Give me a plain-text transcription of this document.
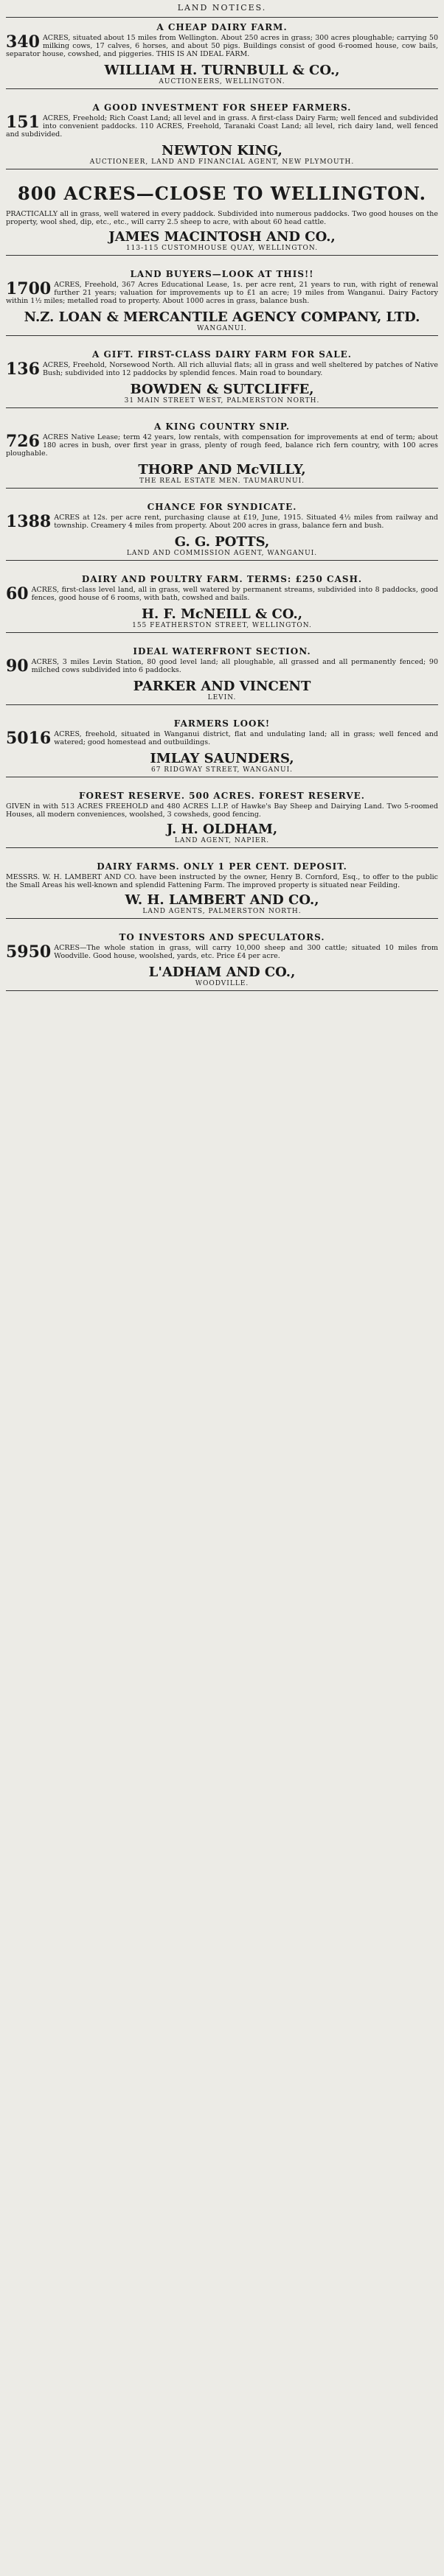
LAND NOTICES.
A CHEAP DAIRY FARM.
340 ACRES, situated about 15 miles from Wellington. About 250 acres in grass; 300 acres ploughable; carrying 50 milking cows, 17 calves, 6 horses, and about 50 pigs. Buildings consist of good 6-roomed house, cow bails, separator house, cowshed, and piggeries. THIS IS AN IDEAL FARM.
WILLIAM H. TURNBULL & CO.,
AUCTIONEERS, WELLINGTON.
A GOOD INVESTMENT FOR SHEEP FARMERS.
151 ACRES, Freehold; Rich Coast Land; all level and in grass. A first-class Dairy Farm; well fenced and subdivided into convenient paddocks. 110 ACRES, Freehold, Taranaki Coast Land; all level, rich dairy land, well fenced and subdivided.
NEWTON KING,
AUCTIONEER, LAND AND FINANCIAL AGENT, NEW PLYMOUTH.
800 ACRES—CLOSE TO WELLINGTON.
PRACTICALLY all in grass, well watered in every paddock. Subdivided into numerous paddocks. Two good houses on the property, wool shed, dip, etc., etc., will carry 2.5 sheep to acre, with about 60 head cattle.
JAMES MACINTOSH AND CO.,
113-115 CUSTOMHOUSE QUAY, WELLINGTON.
LAND BUYERS—LOOK AT THIS!!
1700 ACRES, Freehold, 367 Acres Educational Lease, 1s. per acre rent, 21 years to run, with right of renewal further 21 years; valuation for improvements up to £1 an acre; 19 miles from Wanganui. Dairy Factory within 1½ miles; metalled road to property. About 1000 acres in grass, balance bush.
N.Z. LOAN & MERCANTILE AGENCY COMPANY, LTD.
WANGANUI.
A GIFT. FIRST-CLASS DAIRY FARM FOR SALE.
136 ACRES, Freehold, Norsewood North. All rich alluvial flats; all in grass and well sheltered by patches of Native Bush; subdivided into 12 paddocks by splendid fences. Main road to boundary.
BOWDEN & SUTCLIFFE,
31 MAIN STREET WEST, PALMERSTON NORTH.
A KING COUNTRY SNIP.
726 ACRES Native Lease; term 42 years, low rentals, with compensation for improvements at end of term; about 180 acres in bush, over first year in grass, plenty of rough feed, balance rich fern country, with 100 acres ploughable.
THORP AND McVILLY,
THE REAL ESTATE MEN. TAUMARUNUI.
CHANCE FOR SYNDICATE.
1388 ACRES at 12s. per acre rent, purchasing clause at £19, June, 1915. Situated 4½ miles from railway and township. Creamery 4 miles from property. About 200 acres in grass, balance fern and bush.
G. G. POTTS,
LAND AND COMMISSION AGENT, WANGANUI.
DAIRY AND POULTRY FARM. TERMS: £250 CASH.
60 ACRES, first-class level land, all in grass, well watered by permanent streams, subdivided into 8 paddocks, good fences, good house of 6 rooms, with bath, cowshed and bails.
H. F. McNEILL & CO.,
155 FEATHERSTON STREET, WELLINGTON.
IDEAL WATERFRONT SECTION.
90 ACRES, 3 miles Levin Station, 80 good level land; all ploughable, all grassed and all permanently fenced; 90 milched cows subdivided into 6 paddocks.
PARKER AND VINCENT
LEVIN.
FARMERS LOOK!
5016 ACRES, freehold, situated in Wanganui district, flat and undulating land; all in grass; well fenced and watered; good homestead and outbuildings.
IMLAY SAUNDERS,
67 RIDGWAY STREET, WANGANUI.
FOREST RESERVE. 500 ACRES. FOREST RESERVE.
GIVEN in with 513 ACRES FREEHOLD and 480 ACRES L.I.P. of Hawke's Bay Sheep and Dairying Land. Two 5-roomed Houses, all modern conveniences, woolshed, 3 cowsheds, good fencing.
J. H. OLDHAM,
LAND AGENT, NAPIER.
DAIRY FARMS. ONLY 1 PER CENT. DEPOSIT.
MESSRS. W. H. LAMBERT AND CO. have been instructed by the owner, Henry B. Cornford, Esq., to offer to the public the Small Areas his well-known and splendid Fattening Farm. The improved property is situated near Feilding.
W. H. LAMBERT AND CO.,
LAND AGENTS, PALMERSTON NORTH.
TO INVESTORS AND SPECULATORS.
5950 ACRES—The whole station in grass, will carry 10,000 sheep and 300 cattle; situated 10 miles from Woodville. Good house, woolshed, yards, etc. Price £4 per acre.
L'ADHAM AND CO.,
WOODVILLE.
